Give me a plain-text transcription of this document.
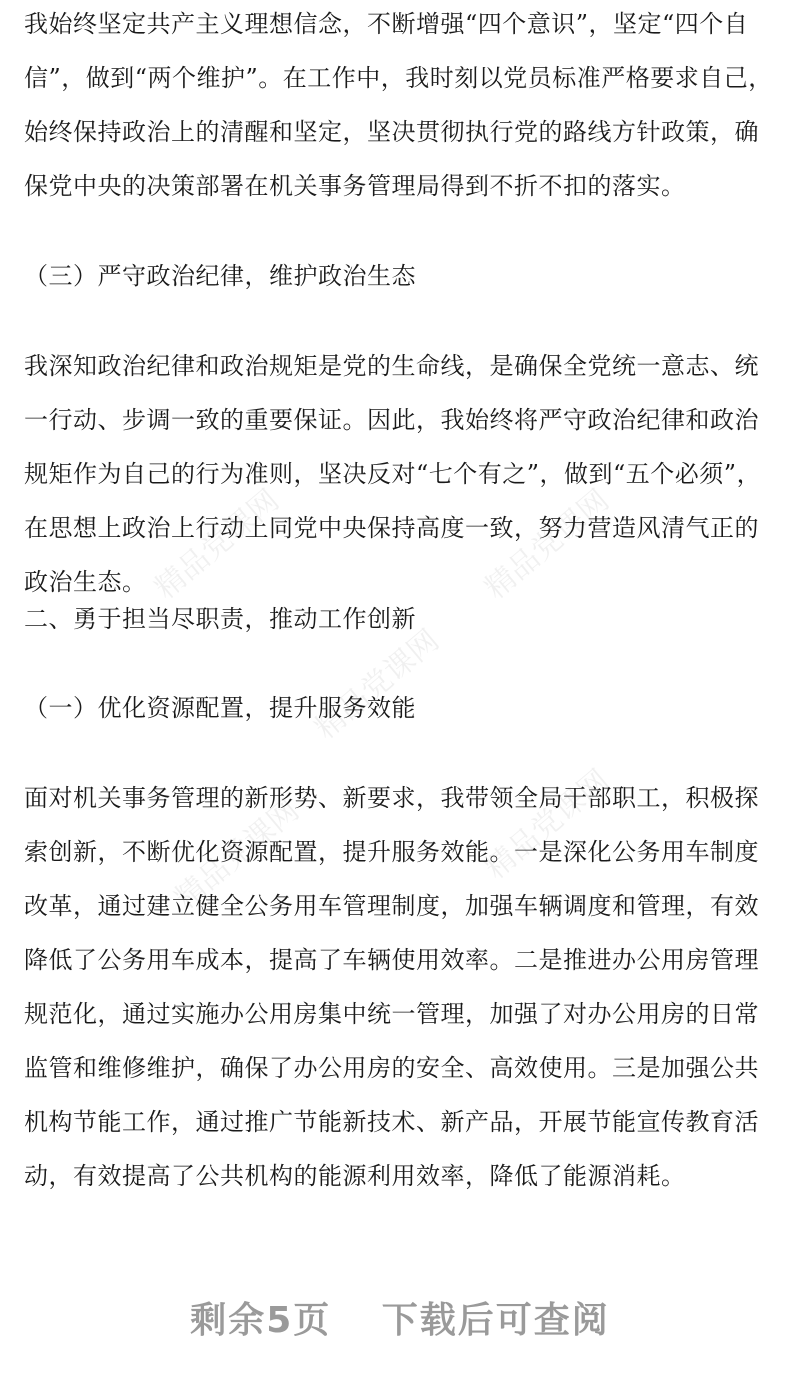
精品党课网	精品党课网
精品党课网
精品党课网	精品党课网

我始终坚定共产主义理想信念，不断增强“四个意识”，坚定“四个自信”，做到“两个维护”。在工作中，我时刻以党员标准严格要求自己，始终保持政治上的清醒和坚定，坚决贯彻执行党的路线方针政策，确保党中央的决策部署在机关事务管理局得到不折不扣的落实。

（三）严守政治纪律，维护政治生态

我深知政治纪律和政治规矩是党的生命线，是确保全党统一意志、统一行动、步调一致的重要保证。因此，我始终将严守政治纪律和政治规矩作为自己的行为准则，坚决反对“七个有之”，做到“五个必须”，在思想上政治上行动上同党中央保持高度一致，努力营造风清气正的政治生态。

二、勇于担当尽职责，推动工作创新

（一）优化资源配置，提升服务效能

面对机关事务管理的新形势、新要求，我带领全局干部职工，积极探索创新，不断优化资源配置，提升服务效能。一是深化公务用车制度改革，通过建立健全公务用车管理制度，加强车辆调度和管理，有效降低了公务用车成本，提高了车辆使用效率。二是推进办公用房管理规范化，通过实施办公用房集中统一管理，加强了对办公用房的日常监管和维修维护，确保了办公用房的安全、高效使用。三是加强公共机构节能工作，通过推广节能新技术、新产品，开展节能宣传教育活动，有效提高了公共机构的能源利用效率，降低了能源消耗。

剩余5页 下载后可查阅
